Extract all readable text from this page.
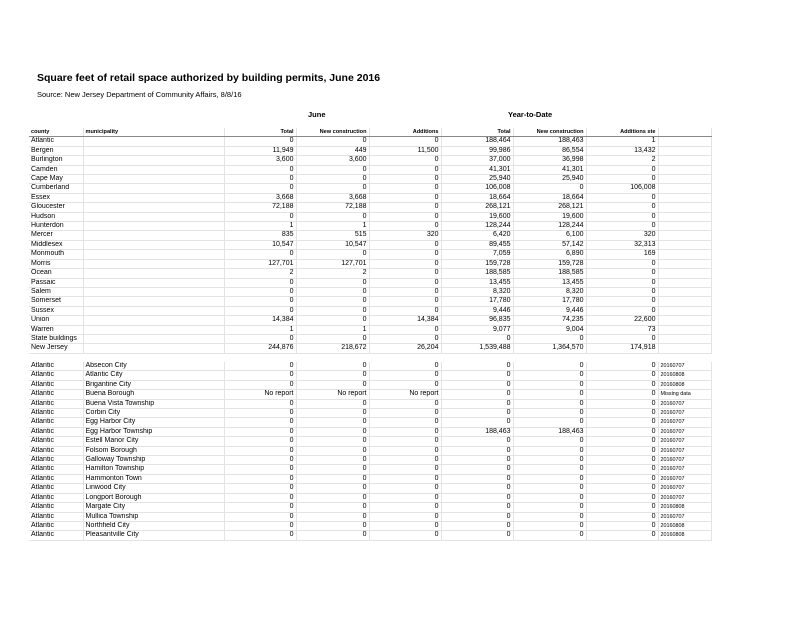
Square feet of retail space authorized by building permits, June 2016
Source: New Jersey Department of Community Affairs, 8/8/16
June	Year-to-Date
county	municipality	Total	New construction	Additions	Total	New construction	Additions ste	
Atlantic		0	0	0	188,464	188,463	1	
Bergen		11,949	449	11,500	99,986	86,554	13,432	
Burlington		3,600	3,600	0	37,000	36,998	2	
Camden		0	0	0	41,301	41,301	0	
Cape May		0	0	0	25,940	25,940	0	
Cumberland		0	0	0	106,008	0	106,008	
Essex		3,668	3,668	0	18,664	18,664	0	
Gloucester		72,188	72,188	0	268,121	268,121	0	
Hudson		0	0	0	19,600	19,600	0	
Hunterdon		1	1	0	128,244	128,244	0	
Mercer		835	515	320	6,420	6,100	320	
Middlesex		10,547	10,547	0	89,455	57,142	32,313	
Monmouth		0	0	0	7,059	6,890	169	
Morris		127,701	127,701	0	159,728	159,728	0	
Ocean		2	2	0	188,585	188,585	0	
Passaic		0	0	0	13,455	13,455	0	
Salem		0	0	0	8,320	8,320	0	
Somerset		0	0	0	17,780	17,780	0	
Sussex		0	0	0	9,446	9,446	0	
Union		14,384	0	14,384	96,835	74,235	22,600	
Warren		1	1	0	9,077	9,004	73	
State buildings		0	0	0	0	0	0	
New Jersey		244,876	218,672	26,204	1,539,488	1,364,570	174,918	
Atlantic	Absecon City	0	0	0	0	0	0	20160707
Atlantic	Atlantic City	0	0	0	0	0	0	20160808
Atlantic	Brigantine City	0	0	0	0	0	0	20160808
Atlantic	Buena Borough	No report	No report	No report	0	0	0	Missing data
Atlantic	Buena Vista Township	0	0	0	0	0	0	20160707
Atlantic	Corbin City	0	0	0	0	0	0	20160707
Atlantic	Egg Harbor City	0	0	0	0	0	0	20160707
Atlantic	Egg Harbor Township	0	0	0	188,463	188,463	0	20160707
Atlantic	Estell Manor City	0	0	0	0	0	0	20160707
Atlantic	Folsom Borough	0	0	0	0	0	0	20160707
Atlantic	Galloway Township	0	0	0	0	0	0	20160707
Atlantic	Hamilton Township	0	0	0	0	0	0	20160707
Atlantic	Hammonton Town	0	0	0	0	0	0	20160707
Atlantic	Linwood City	0	0	0	0	0	0	20160707
Atlantic	Longport Borough	0	0	0	0	0	0	20160707
Atlantic	Margate City	0	0	0	0	0	0	20160808
Atlantic	Mullica Township	0	0	0	0	0	0	20160707
Atlantic	Northfield City	0	0	0	0	0	0	20160808
Atlantic	Pleasantville City	0	0	0	0	0	0	20160808
